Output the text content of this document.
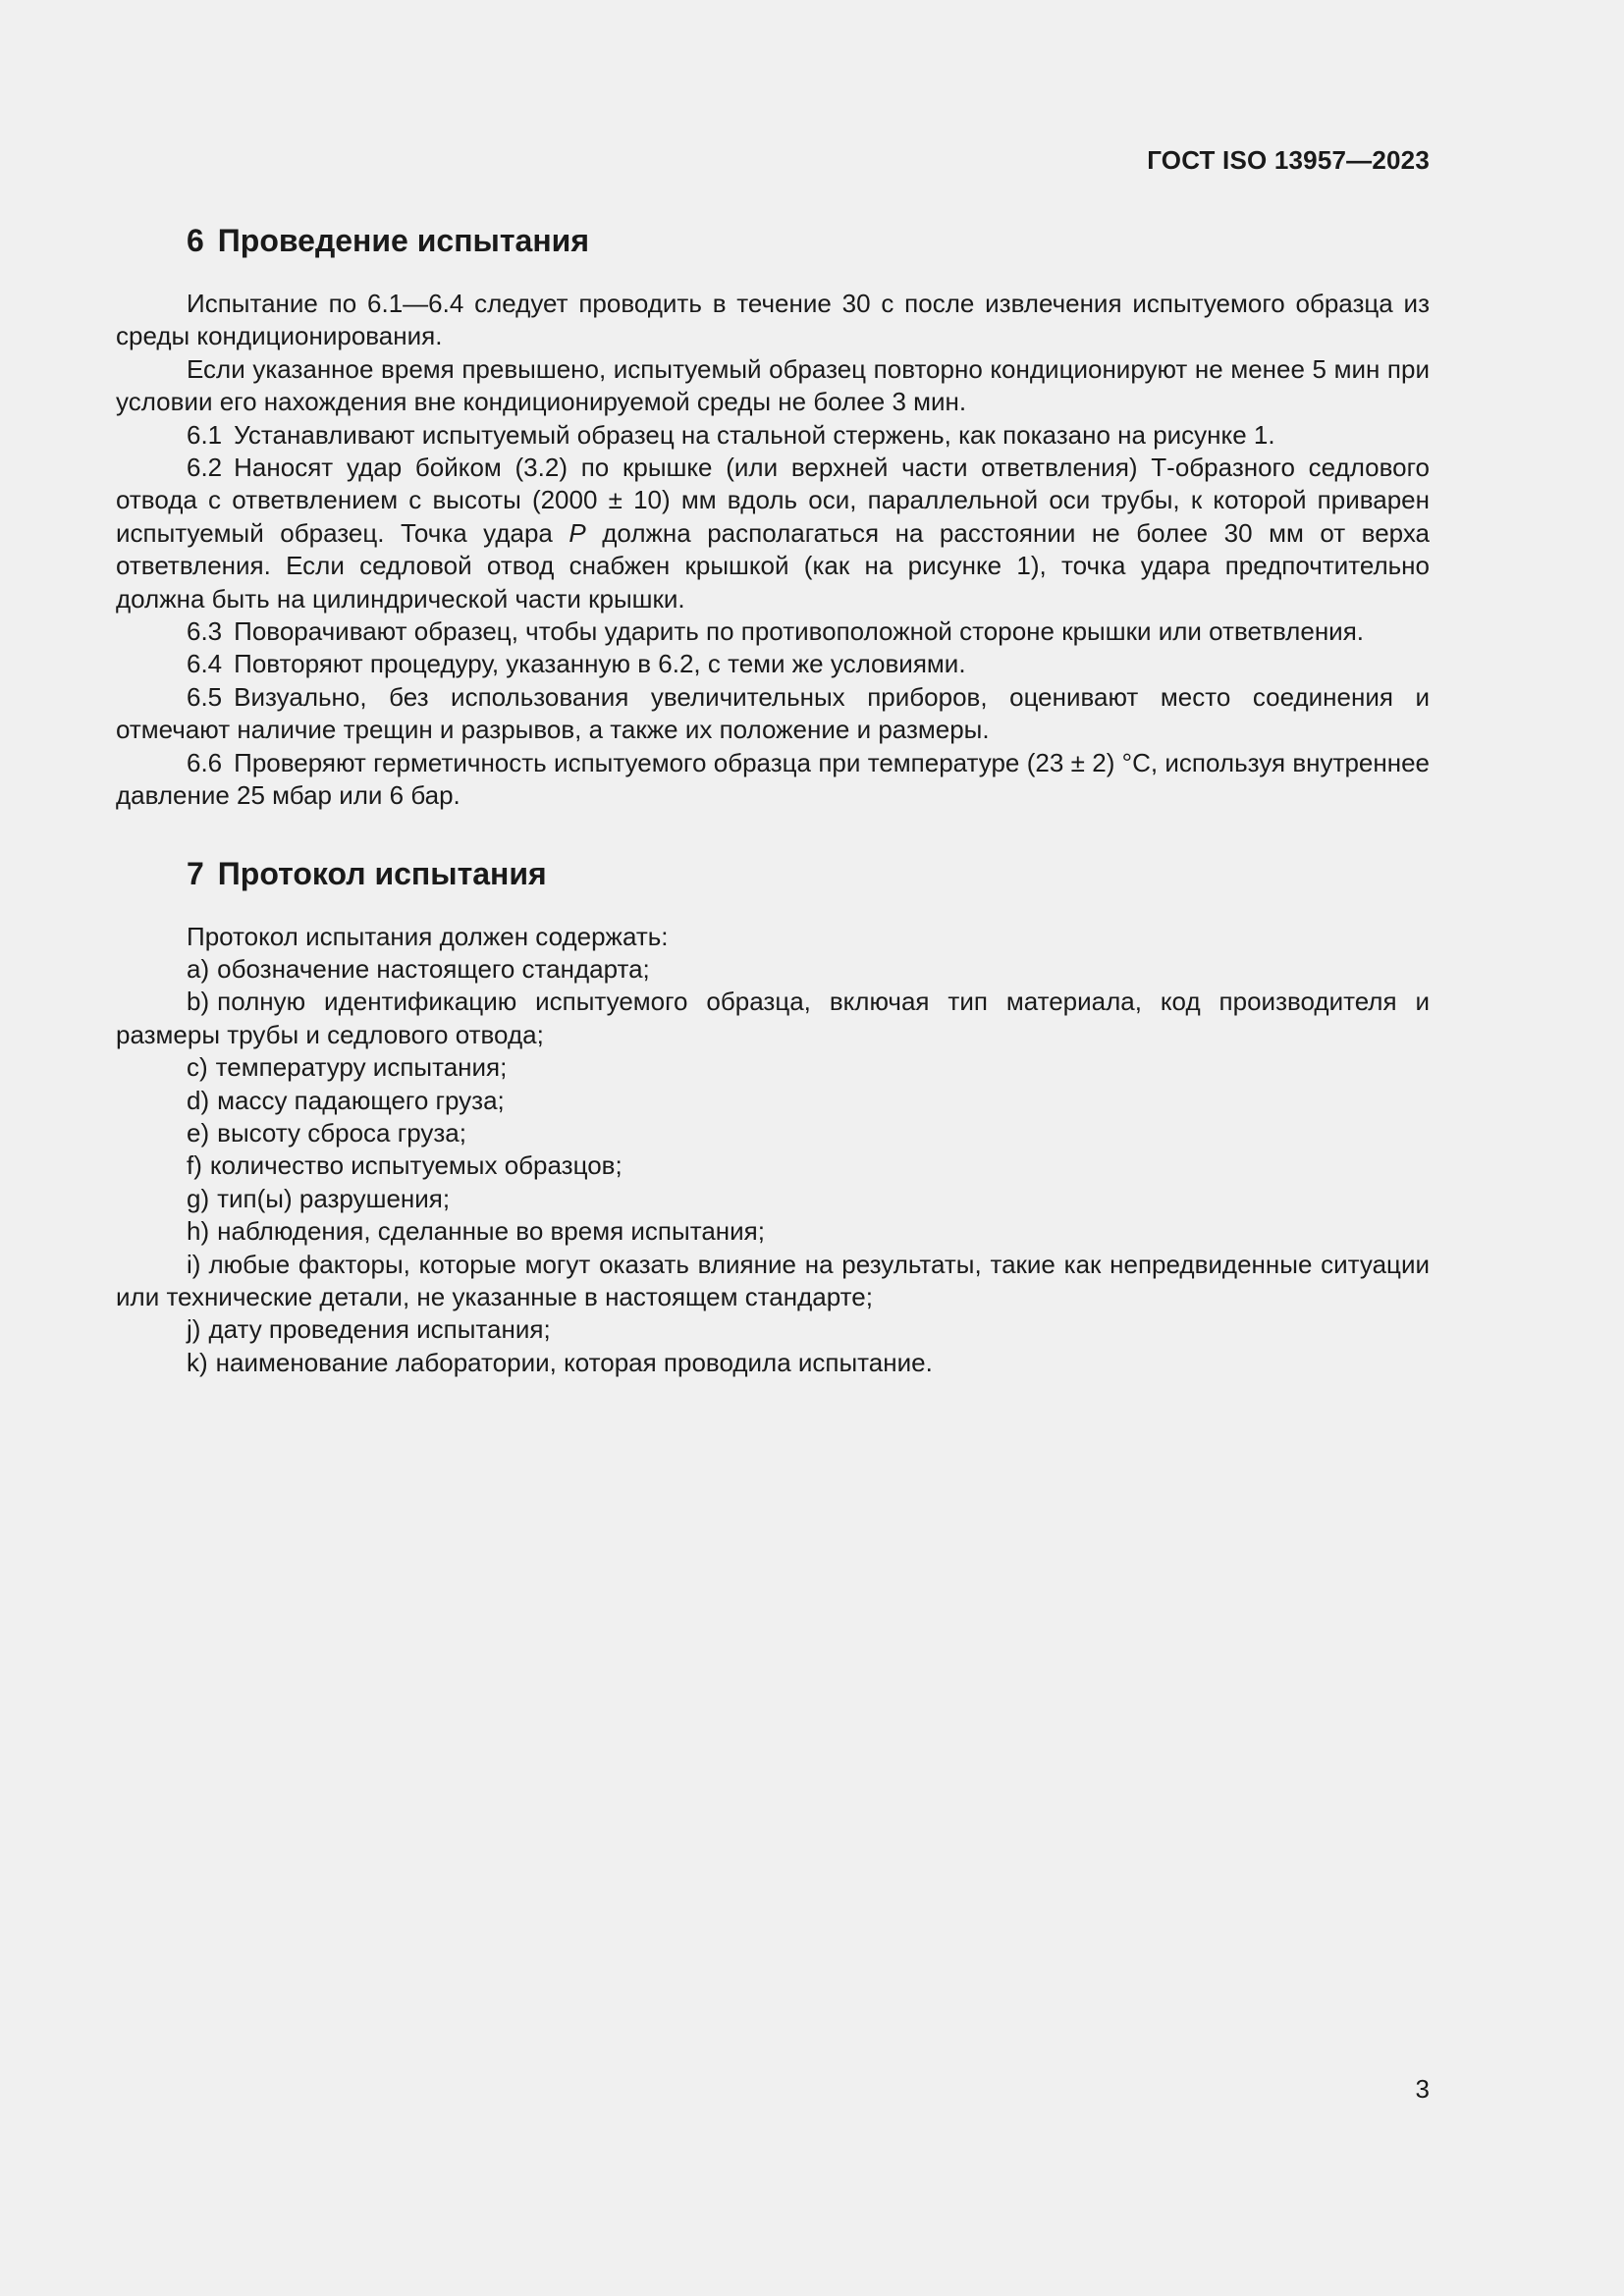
ГОСТ ISO 13957—2023
6 Проведение испытания

Испытание по 6.1—6.4 следует проводить в течение 30 с после извлечения испытуемого образца из среды кондиционирования.

Если указанное время превышено, испытуемый образец повторно кондиционируют не менее 5 мин при условии его нахождения вне кондиционируемой среды не более 3 мин.

6.1 Устанавливают испытуемый образец на стальной стержень, как показано на рисунке 1.

6.2 Наносят удар бойком (3.2) по крышке (или верхней части ответвления) Т-образного седлового отвода с ответвлением с высоты (2000 ± 10) мм вдоль оси, параллельной оси трубы, к которой приварен испытуемый образец. Точка удара P должна располагаться на расстоянии не более 30 мм от верха ответвления. Если седловой отвод снабжен крышкой (как на рисунке 1), точка удара предпочтительно должна быть на цилиндрической части крышки.

6.3 Поворачивают образец, чтобы ударить по противоположной стороне крышки или ответвления.

6.4 Повторяют процедуру, указанную в 6.2, с теми же условиями.

6.5 Визуально, без использования увеличительных приборов, оценивают место соединения и отмечают наличие трещин и разрывов, а также их положение и размеры.

6.6 Проверяют герметичность испытуемого образца при температуре (23 ± 2) °С, используя внутреннее давление 25 мбар или 6 бар.

7 Протокол испытания

Протокол испытания должен содержать:

a) обозначение настоящего стандарта;

b) полную идентификацию испытуемого образца, включая тип материала, код производителя и размеры трубы и седлового отвода;

c) температуру испытания;

d) массу падающего груза;

e) высоту сброса груза;

f) количество испытуемых образцов;

g) тип(ы) разрушения;

h) наблюдения, сделанные во время испытания;

i) любые факторы, которые могут оказать влияние на результаты, такие как непредвиденные ситуации или технические детали, не указанные в настоящем стандарте;

j) дату проведения испытания;

k) наименование лаборатории, которая проводила испытание.

3
